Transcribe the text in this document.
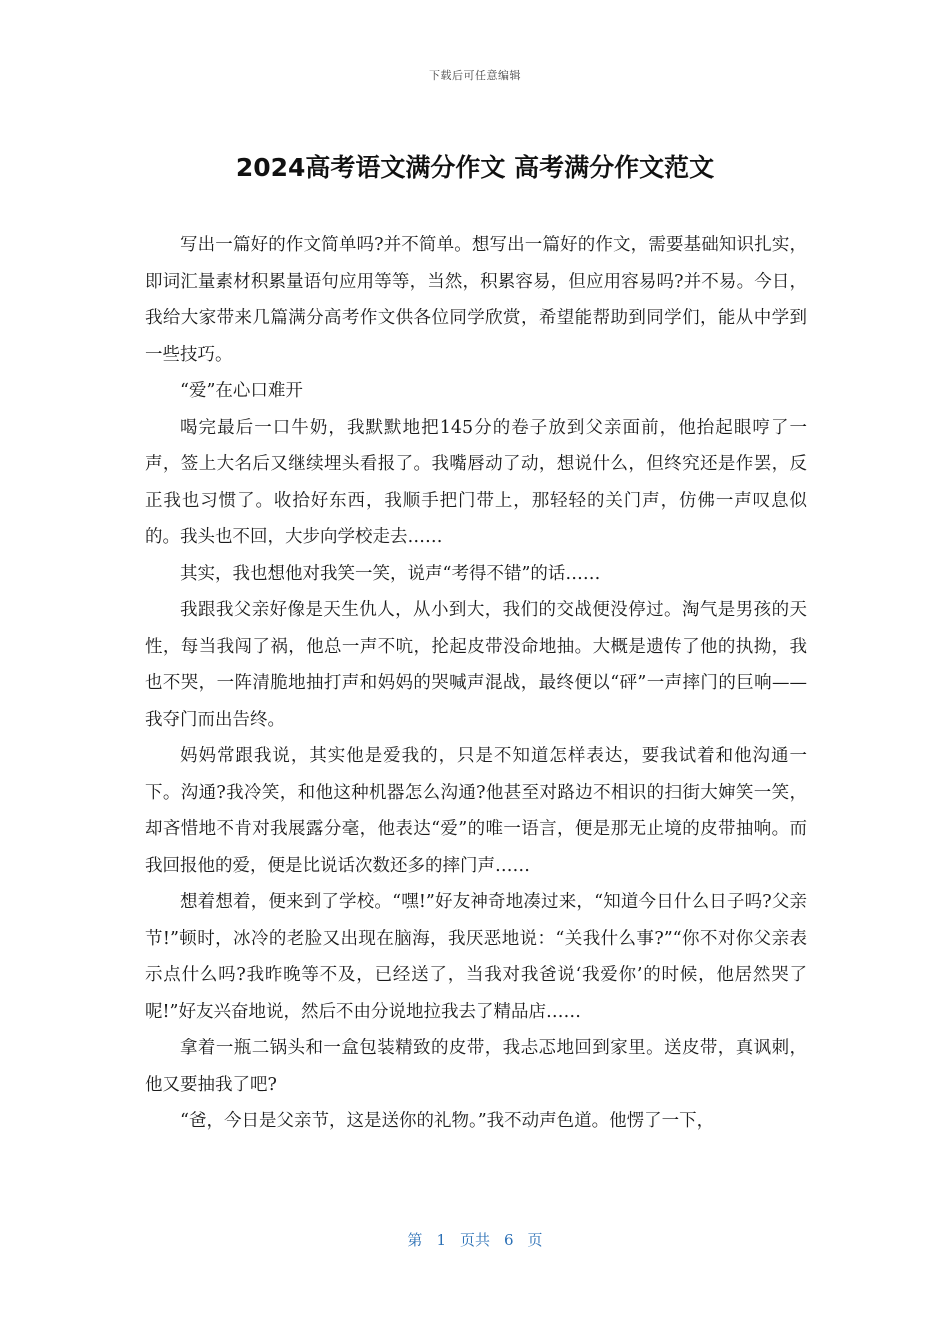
下载后可任意编辑
2024高考语文满分作文 高考满分作文范文

写出一篇好的作文简单吗?并不简单。想写出一篇好的作文，需要基础知识扎实，即词汇量素材积累量语句应用等等，当然，积累容易，但应用容易吗?并不易。今日，我给大家带来几篇满分高考作文供各位同学欣赏，希望能帮助到同学们，能从中学到一些技巧。

“爱”在心口难开

喝完最后一口牛奶，我默默地把145分的卷子放到父亲面前，他抬起眼哼了一声，签上大名后又继续埋头看报了。我嘴唇动了动，想说什么，但终究还是作罢，反正我也习惯了。收拾好东西，我顺手把门带上，那轻轻的关门声，仿佛一声叹息似的。我头也不回，大步向学校走去……

其实，我也想他对我笑一笑，说声“考得不错”的话……

我跟我父亲好像是天生仇人，从小到大，我们的交战便没停过。淘气是男孩的天性，每当我闯了祸，他总一声不吭，抡起皮带没命地抽。大概是遗传了他的执拗，我也不哭，一阵清脆地抽打声和妈妈的哭喊声混战，最终便以“砰”一声摔门的巨响——我夺门而出告终。

妈妈常跟我说，其实他是爱我的，只是不知道怎样表达，要我试着和他沟通一下。沟通?我冷笑，和他这种机器怎么沟通?他甚至对路边不相识的扫街大婶笑一笑，却吝惜地不肯对我展露分毫，他表达“爱”的唯一语言，便是那无止境的皮带抽响。而我回报他的爱，便是比说话次数还多的摔门声……

想着想着，便来到了学校。“嘿!”好友神奇地凑过来，“知道今日什么日子吗?父亲节!”顿时，冰冷的老脸又出现在脑海，我厌恶地说：“关我什么事?”“你不对你父亲表示点什么吗?我昨晚等不及，已经送了，当我对我爸说‘我爱你’的时候，他居然哭了呢!”好友兴奋地说，然后不由分说地拉我去了精品店……

拿着一瓶二锅头和一盒包装精致的皮带，我忐忑地回到家里。送皮带，真讽刺，他又要抽我了吧?

“爸，今日是父亲节，这是送你的礼物。”我不动声色道。他愣了一下，

第 1 页共 6 页
